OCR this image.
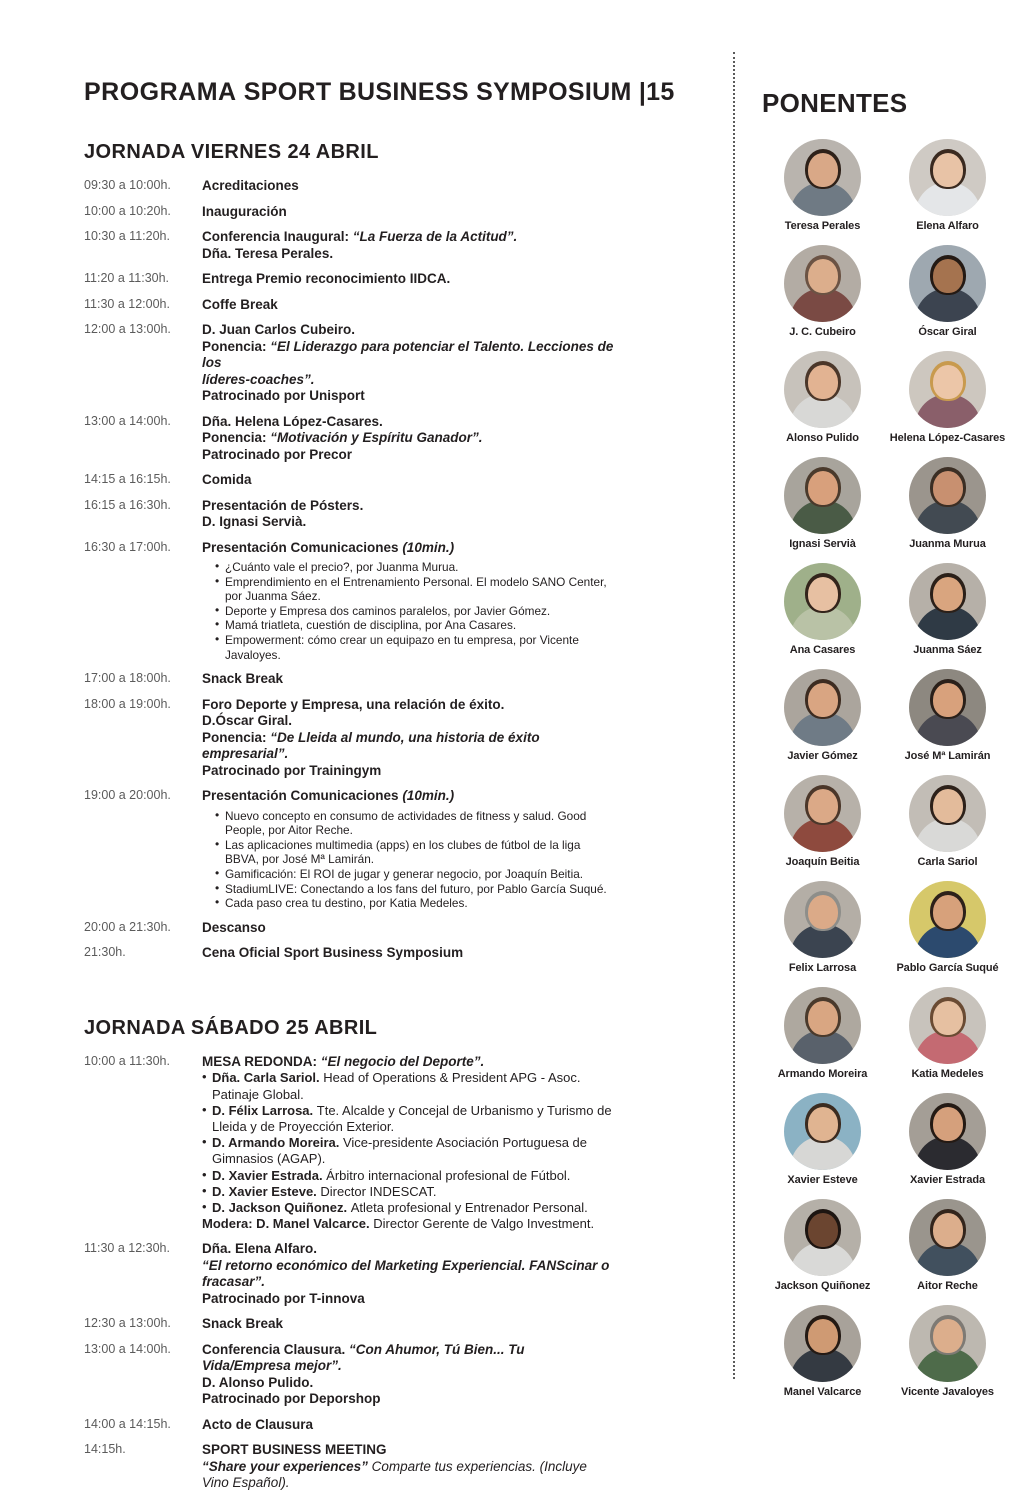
PROGRAMA SPORT BUSINESS SYMPOSIUM |15
JORNADA VIERNES 24 ABRIL
09:30 a 10:00h.	Acreditaciones

10:00 a 10:20h.	Inauguración

10:30 a 11:20h.	Conferencia Inaugural: “La Fuerza de la Actitud”.
Dña. Teresa Perales.

11:20 a 11:30h.	Entrega Premio reconocimiento IIDCA.

11:30 a 12:00h.	Coffe Break

12:00 a 13:00h.	D. Juan Carlos Cubeiro.
Ponencia: “El Liderazgo para potenciar el Talento. Lecciones de los
líderes-coaches”.
Patrocinado por Unisport

13:00 a 14:00h.	Dña. Helena López-Casares.
Ponencia: “Motivación y Espíritu Ganador”.
Patrocinado por Precor

14:15 a 16:15h.	Comida

16:15 a 16:30h.	Presentación de Pósters.
D. Ignasi Servià.

16:30 a 17:00h.	Presentación Comunicaciones (10min.)
• ¿Cuánto vale el precio?, por Juanma Murua.
• Emprendimiento en el Entrenamiento Personal. El modelo SANO Center, por Juanma Sáez.
• Deporte y Empresa dos caminos paralelos, por Javier Gómez.
• Mamá triatleta, cuestión de disciplina, por Ana Casares.
• Empowerment: cómo crear un equipazo en tu empresa, por Vicente Javaloyes.

17:00 a 18:00h.	Snack Break

18:00 a 19:00h.	Foro Deporte y Empresa, una relación de éxito.
D.Óscar Giral.
Ponencia: “De Lleida al mundo, una historia de éxito empresarial”.
Patrocinado por Trainingym

19:00 a 20:00h.	Presentación Comunicaciones (10min.)
• Nuevo concepto en consumo de actividades de fitness y salud. Good People, por Aitor Reche.
• Las aplicaciones multimedia (apps) en los clubes de fútbol de la liga BBVA, por José Mª Lamirán.
• Gamificación: El ROI de jugar y generar negocio, por Joaquín Beitia.
• StadiumLIVE: Conectando a los fans del futuro, por Pablo García Suqué.
• Cada paso crea tu destino, por Katia Medeles.

20:00 a 21:30h.	Descanso

21:30h.	Cena Oficial Sport Business Symposium
JORNADA SÁBADO 25 ABRIL
10:00 a 11:30h.	MESA REDONDA: “El negocio del Deporte”.
• Dña. Carla Sariol. Head of Operations & President APG - Asoc. Patinaje Global.
• D. Félix Larrosa. Tte. Alcalde y Concejal de Urbanismo y Turismo de Lleida y de Proyección Exterior.
• D. Armando Moreira. Vice-presidente Asociación Portuguesa de Gimnasios (AGAP).
• D. Xavier Estrada. Árbitro internacional profesional de Fútbol.
• D. Xavier Esteve. Director INDESCAT.
• D. Jackson Quiñonez. Atleta profesional y Entrenador Personal.
Modera: D. Manel Valcarce. Director Gerente de Valgo Investment.

11:30 a 12:30h.	Dña. Elena Alfaro.
“El retorno económico del Marketing Experiencial. FANScinar o fracasar”.
Patrocinado por T-innova

12:30 a 13:00h.	Snack Break

13:00 a 14:00h.	Conferencia Clausura. “Con Ahumor, Tú Bien... Tu Vida/Empresa mejor”.
D. Alonso Pulido.
Patrocinado por Deporshop

14:00 a 14:15h.	Acto de Clausura

14:15h.	SPORT BUSINESS MEETING
“Share your experiences” Comparte tus experiencias. (Incluye Vino Español).
PONENTES
Teresa Perales	Elena Alfaro
J. C. Cubeiro	Óscar Giral
Alonso Pulido	Helena López-Casares
Ignasi Servià	Juanma Murua
Ana Casares	Juanma Sáez
Javier Gómez	José Mª Lamirán
Joaquín Beitia	Carla Sariol
Felix Larrosa	Pablo García Suqué
Armando Moreira	Katia Medeles
Xavier Esteve	Xavier Estrada
Jackson Quiñonez	Aitor Reche
Manel Valcarce	Vicente Javaloyes
